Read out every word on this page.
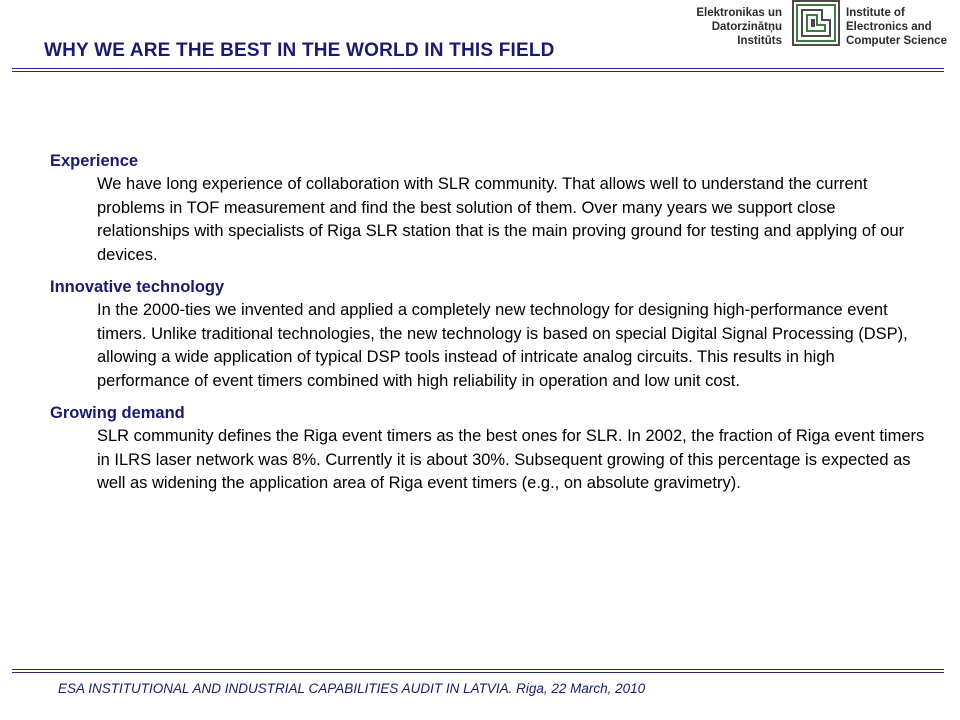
WHY WE ARE THE BEST IN THE WORLD IN THIS FIELD
Elektronikas un
Datorzinātņu
Institūts
Institute of
Electronics and
Computer Science
Experience
We have long experience of collaboration with SLR community. That allows well to understand the current problems in TOF measurement and find the best solution of them. Over many years we support close relationships with specialists of Riga SLR station that is the main proving ground for testing and applying of our devices.
Innovative technology
In the 2000-ties we invented and applied a completely new technology for designing high-performance event timers. Unlike traditional technologies, the new technology is based on special Digital Signal Processing (DSP), allowing a wide application of typical DSP tools instead of intricate analog circuits. This results in high performance of event timers combined with high reliability in operation and low unit cost.
Growing demand
SLR community defines the Riga event timers as the best ones for SLR. In 2002, the fraction of Riga event timers in ILRS laser network was 8%. Currently it is about 30%. Subsequent growing of this percentage is expected as well as widening the application area of Riga event timers (e.g., on absolute gravimetry).
ESA INSTITUTIONAL AND INDUSTRIAL CAPABILITIES AUDIT IN LATVIA. Riga, 22 March, 2010
